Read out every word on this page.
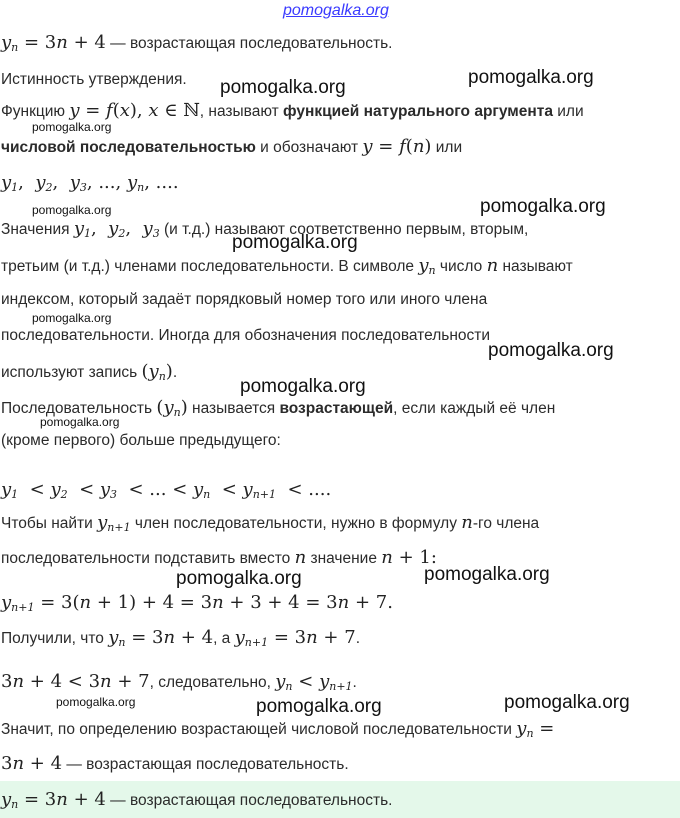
pomogalka.org
$y_n = 3n + 4$ — возрастающая последовательность.
Истинность утверждения.
Функцию y = f(x), x ∈ ℕ, называют функцией натурального аргумента или
числовой последовательностью и обозначают y = f(n) или
$y_1$,  $y_2$,  $y_3$, ..., $y_n$, ....
Значения $y_1$,  $y_2$,  $y_3$ (и т.д.) называют соответственно первым, вторым,
третьим (и т.д.) членами последовательности. В символе $y_n$ число n называют
индексом, который задаёт порядковый номер того или иного члена
последовательности. Иногда для обозначения последовательности
используют запись $(y_n)$.
Последовательность $(y_n)$ называется возрастающей, если каждый её член
(кроме первого) больше предыдущего:
$y_1 < y_2 < y_3$  < ... < $y_n < y_{n+1}$  < ....
Чтобы найти $y_{n+1}$ член последовательности, нужно в формулу n-го члена
последовательности подставить вместо n значение n + 1:
$y_{n+1} = 3(n + 1) + 4 = 3n + 3 + 4 = 3n + 7$.
Получили, что $y_n = 3n + 4$, а $y_{n+1} = 3n + 7$.
3n + 4 < 3n + 7, следовательно, $y_n < y_{n+1}$.
Значит, по определению возрастающей числовой последовательности $y_n$ =
3n + 4 — возрастающая последовательность.
$y_n = 3n + 4$ — возрастающая последовательность.
pomogalka.org	pomogalka.org
pomogalka.org
pomogalka.org	pomogalka.org
pomogalka.org
pomogalka.org
pomogalka.org
pomogalka.org
pomogalka.org
pomogalka.org	pomogalka.org
pomogalka.org	pomogalka.org	pomogalka.org
